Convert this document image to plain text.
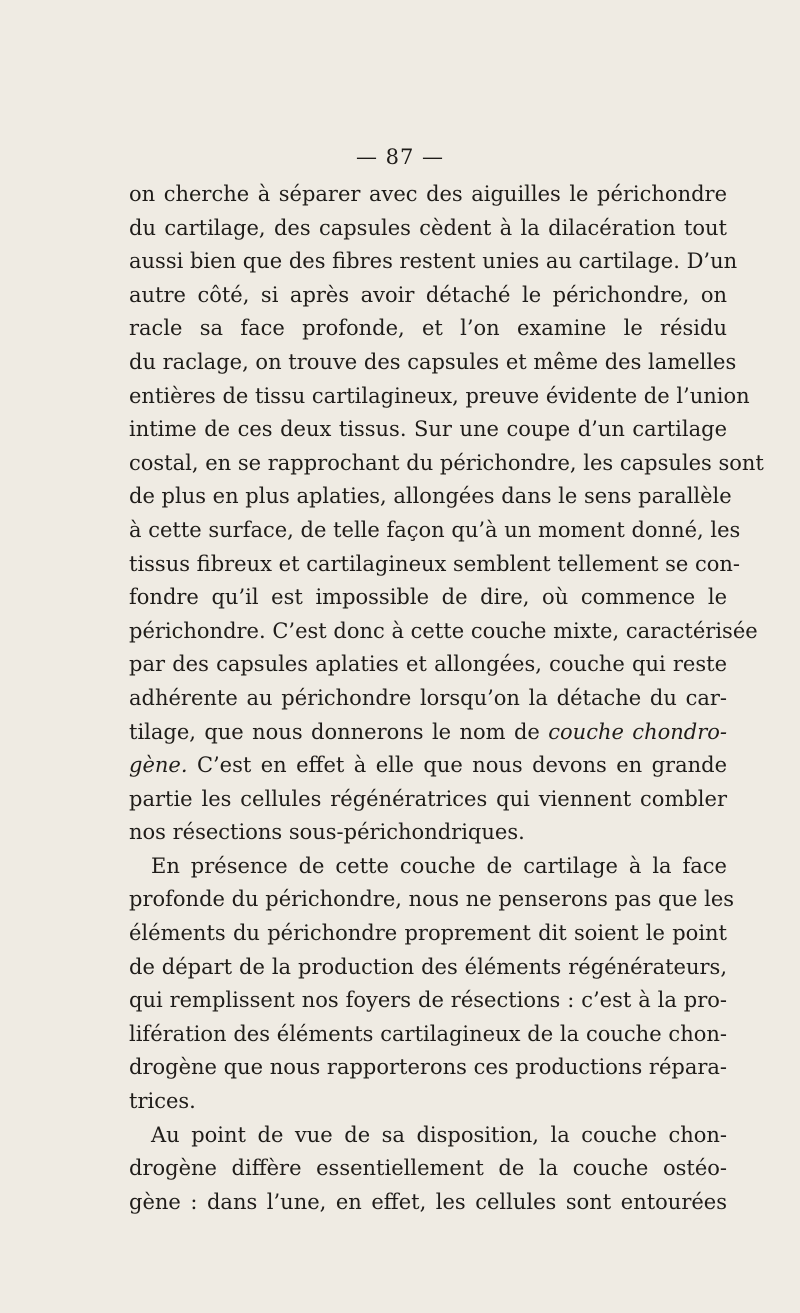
— 87 —
on cherche à séparer avec des aiguilles le périchondre
du cartilage, des capsules cèdent à la dilacération tout
aussi bien que des fibres restent unies au cartilage. D’un
autre côté, si après avoir détaché le périchondre, on
racle sa face profonde, et l’on examine le résidu
du raclage, on trouve des capsules et même des lamelles
entières de tissu cartilagineux, preuve évidente de l’union
intime de ces deux tissus. Sur une coupe d’un cartilage
costal, en se rapprochant du périchondre, les capsules sont
de plus en plus aplaties, allongées dans le sens parallèle
à cette surface, de telle façon qu’à un moment donné, les
tissus fibreux et cartilagineux semblent tellement se con-
fondre qu’il est impossible de dire, où commence le
périchondre. C’est donc à cette couche mixte, caractérisée
par des capsules aplaties et allongées, couche qui reste
adhérente au périchondre lorsqu’on la détache du car-
tilage, que nous donnerons le nom de couche chondro-
gène. C’est en effet à elle que nous devons en grande
partie les cellules régénératrices qui viennent combler
nos résections sous-périchondriques.
En présence de cette couche de cartilage à la face
profonde du périchondre, nous ne penserons pas que les
éléments du périchondre proprement dit soient le point
de départ de la production des éléments régénérateurs,
qui remplissent nos foyers de résections : c’est à la pro-
lifération des éléments cartilagineux de la couche chon-
drogène que nous rapporterons ces productions répara-
trices.
Au point de vue de sa disposition, la couche chon-
drogène diffère essentiellement de la couche ostéo-
gène : dans l’une, en effet, les cellules sont entourées
